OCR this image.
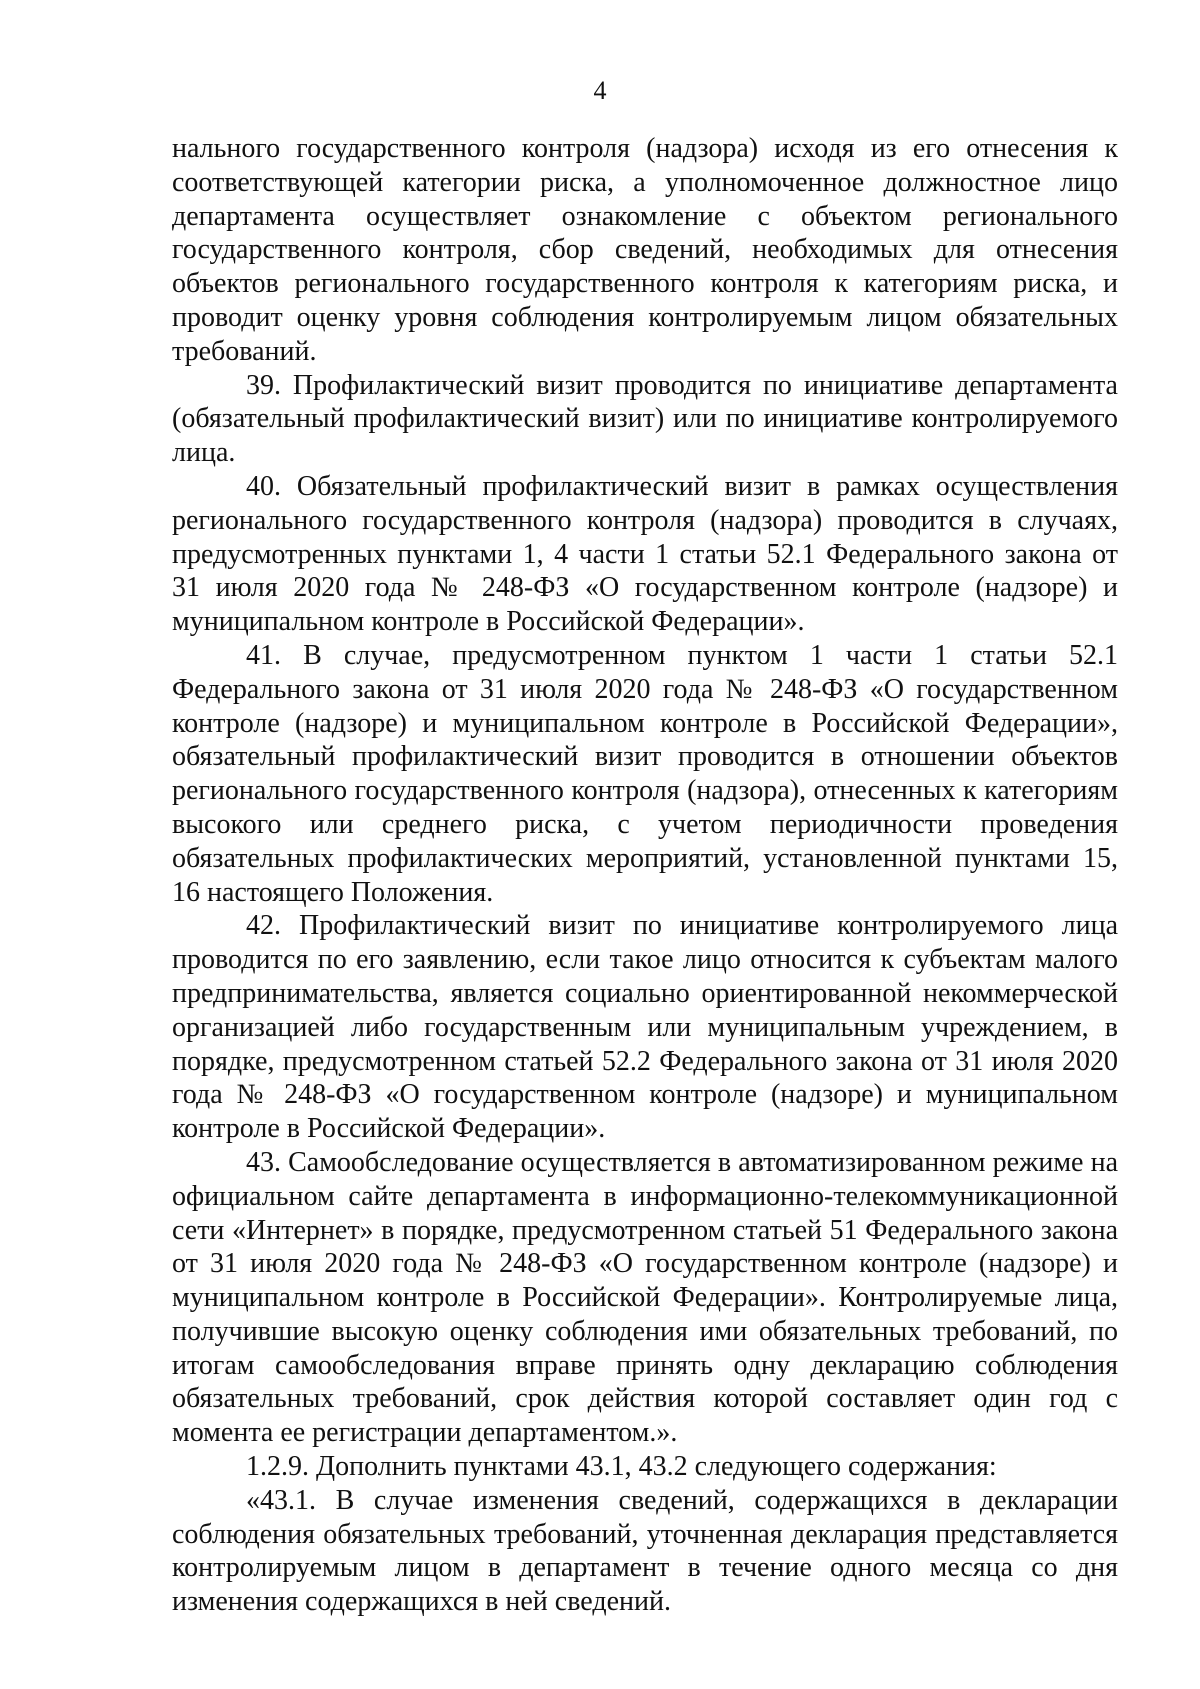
4

нального государственного контроля (надзора) исходя из его отнесения к соответствующей категории риска, а уполномоченное должностное лицо департамента осуществляет ознакомление с объектом регионального государственного контроля, сбор сведений, необходимых для отнесения объектов регионального государственного контроля к категориям риска, и проводит оценку уровня соблюдения контролируемым лицом обязательных требований.

39. Профилактический визит проводится по инициативе департамента (обязательный профилактический визит) или по инициативе контролируемого лица.

40. Обязательный профилактический визит в рамках осуществления регионального государственного контроля (надзора) проводится в случаях, предусмотренных пунктами 1, 4 части 1 статьи 52.1 Федерального закона от 31 июля 2020 года № 248-ФЗ «О государственном контроле (надзоре) и муниципальном контроле в Российской Федерации».

41. В случае, предусмотренном пунктом 1 части 1 статьи 52.1 Федерального закона от 31 июля 2020 года № 248-ФЗ «О государственном контроле (надзоре) и муниципальном контроле в Российской Федерации», обязательный профилактический визит проводится в отношении объектов регионального государственного контроля (надзора), отнесенных к категориям высокого или среднего риска, с учетом периодичности проведения обязательных профилактических мероприятий, установленной пунктами 15, 16 настоящего Положения.

42. Профилактический визит по инициативе контролируемого лица проводится по его заявлению, если такое лицо относится к субъектам малого предпринимательства, является социально ориентированной некоммерческой организацией либо государственным или муниципальным учреждением, в порядке, предусмотренном статьей 52.2 Федерального закона от 31 июля 2020 года № 248-ФЗ «О государственном контроле (надзоре) и муниципальном контроле в Российской Федерации».

43. Самообследование осуществляется в автоматизированном режиме на официальном сайте департамента в информационно-телекоммуникационной сети «Интернет» в порядке, предусмотренном статьей 51 Федерального закона от 31 июля 2020 года № 248-ФЗ «О государственном контроле (надзоре) и муниципальном контроле в Российской Федерации». Контролируемые лица, получившие высокую оценку соблюдения ими обязательных требований, по итогам самообследования вправе принять одну декларацию соблюдения обязательных требований, срок действия которой составляет один год с момента ее регистрации департаментом.».

1.2.9. Дополнить пунктами 43.1, 43.2 следующего содержания:

«43.1. В случае изменения сведений, содержащихся в декларации соблюдения обязательных требований, уточненная декларация представляется контролируемым лицом в департамент в течение одного месяца со дня изменения содержащихся в ней сведений.
